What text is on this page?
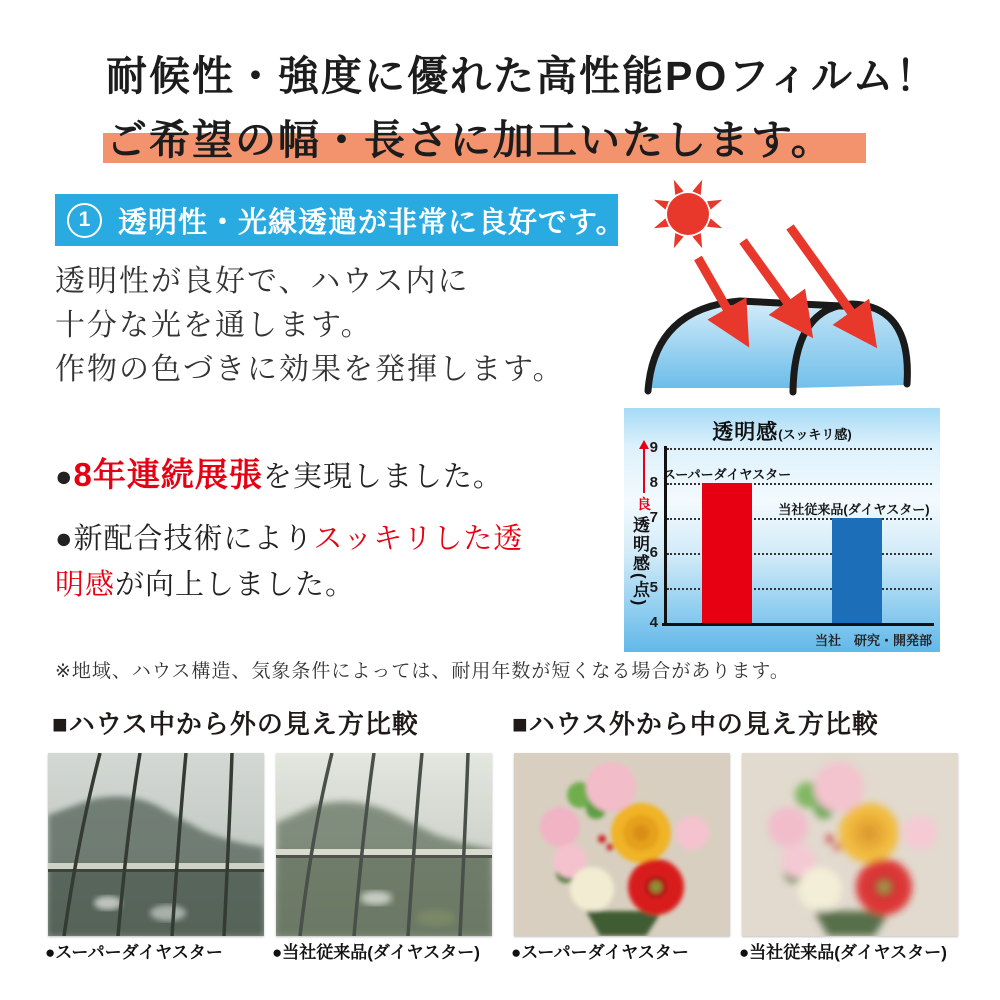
耐候性・強度に優れた高性能POフィルム！
ご希望の幅・長さに加工いたします。
1 透明性・光線透過が非常に良好です。
透明性が良好で、ハウス内に
十分な光を通します。
作物の色づきに効果を発揮します。
●8年連続展張を実現しました。
●新配合技術によりスッキリした透明感が向上しました。
透明感(スッキリ感)
良
透明感(点)
4
5
6
7
8
9
スーパーダイヤスター
当社従来品(ダイヤスター)
当社　研究・開発部
※地域、ハウス構造、気象条件によっては、耐用年数が短くなる場合があります。
■ハウス中から外の見え方比較	■ハウス外から中の見え方比較
●スーパーダイヤスター	●当社従来品(ダイヤスター) ●スーパーダイヤスター	●当社従来品(ダイヤスター)
